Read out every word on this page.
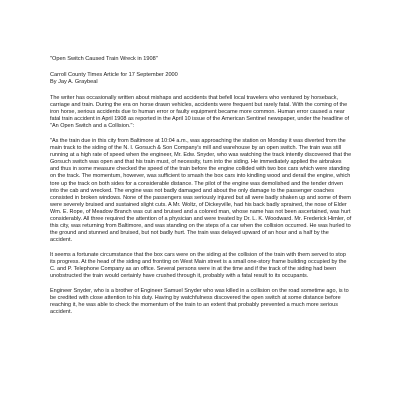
"Open Switch Caused Train Wreck in 1908"
Carroll County Times Article for 17 September 2000
By Jay A. Graybeal

The writer has occasionally written about mishaps and accidents that befell local travelers who ventured by horseback, carriage and train. During the era on horse drawn vehicles, accidents were frequent but rarely fatal. With the coming of the iron horse, serious accidents due to human error or faulty equipment became more common. Human error caused a near fatal train accident in April 1908 as reported in the April 10 issue of the American Sentinel newspaper, under the headline of "An Open Switch and a Collision.":

"As the train due in this city from Baltimore at 10:04 a.m., was approaching the station on Monday it was diverted from the main track to the siding of the N. I. Gorsuch & Son Company's mill and warehouse by an open switch. The train was still running at a high rate of speed when the engineer, Mr. Edw. Snyder, who was watching the track intently discovered that the Gorsuch switch was open and that his train must, of necessity, turn into the siding. He immediately applied the airbrakes and thus in some measure checked the speed of the train before the engine collided with two box cars which were standing on the track. The momentum, however, was sufficient to smash the box cars into kindling wood and derail the engine, which tore up the track on both sides for a considerable distance. The pilot of the engine was demolished and the tender driven into the cab and wrecked. The engine was not badly damaged and about the only damage to the passenger coaches consisted in broken windows. None of the passengers was seriously injured but all were badly shaken up and some of them were severely bruised and sustained slight cuts. A Mr. Woltz, of Dickeyville, had his back badly sprained, the nose of Elder Wm. E. Rope, of Meadow Branch was cut and bruised and a colored man, whose name has not been ascertained, was hurt considerably. All three required the attention of a physician and were treated by Dr. L. K. Woodward. Mr. Frederick Himler, of this city, was returning from Baltimore, and was standing on the steps of a car when the collision occurred. He was hurled to the ground and stunned and bruised, but not badly hurt. The train was delayed upward of an hour and a half by the accident.

It seems a fortunate circumstance that the box cars were on the siding at the collision of the train with them served to stop its progress. At the head of the siding and fronting on West Main street is a small one-story frame building occupied by the C. and P. Telephone Company as an office. Several persons were in at the time and if the track of the siding had been unobstructed the train would certainly have crushed through it, probably with a fatal result to its occupants.

Engineer Snyder, who is a brother of Engineer Samuel Snyder who was killed in a collision on the road sometime ago, is to be credited with close attention to his duty. Having by watchfulness discovered the open switch at some distance before reaching it, he was able to check the momentum of the train to an extent that probably prevented a much more serious accident.
